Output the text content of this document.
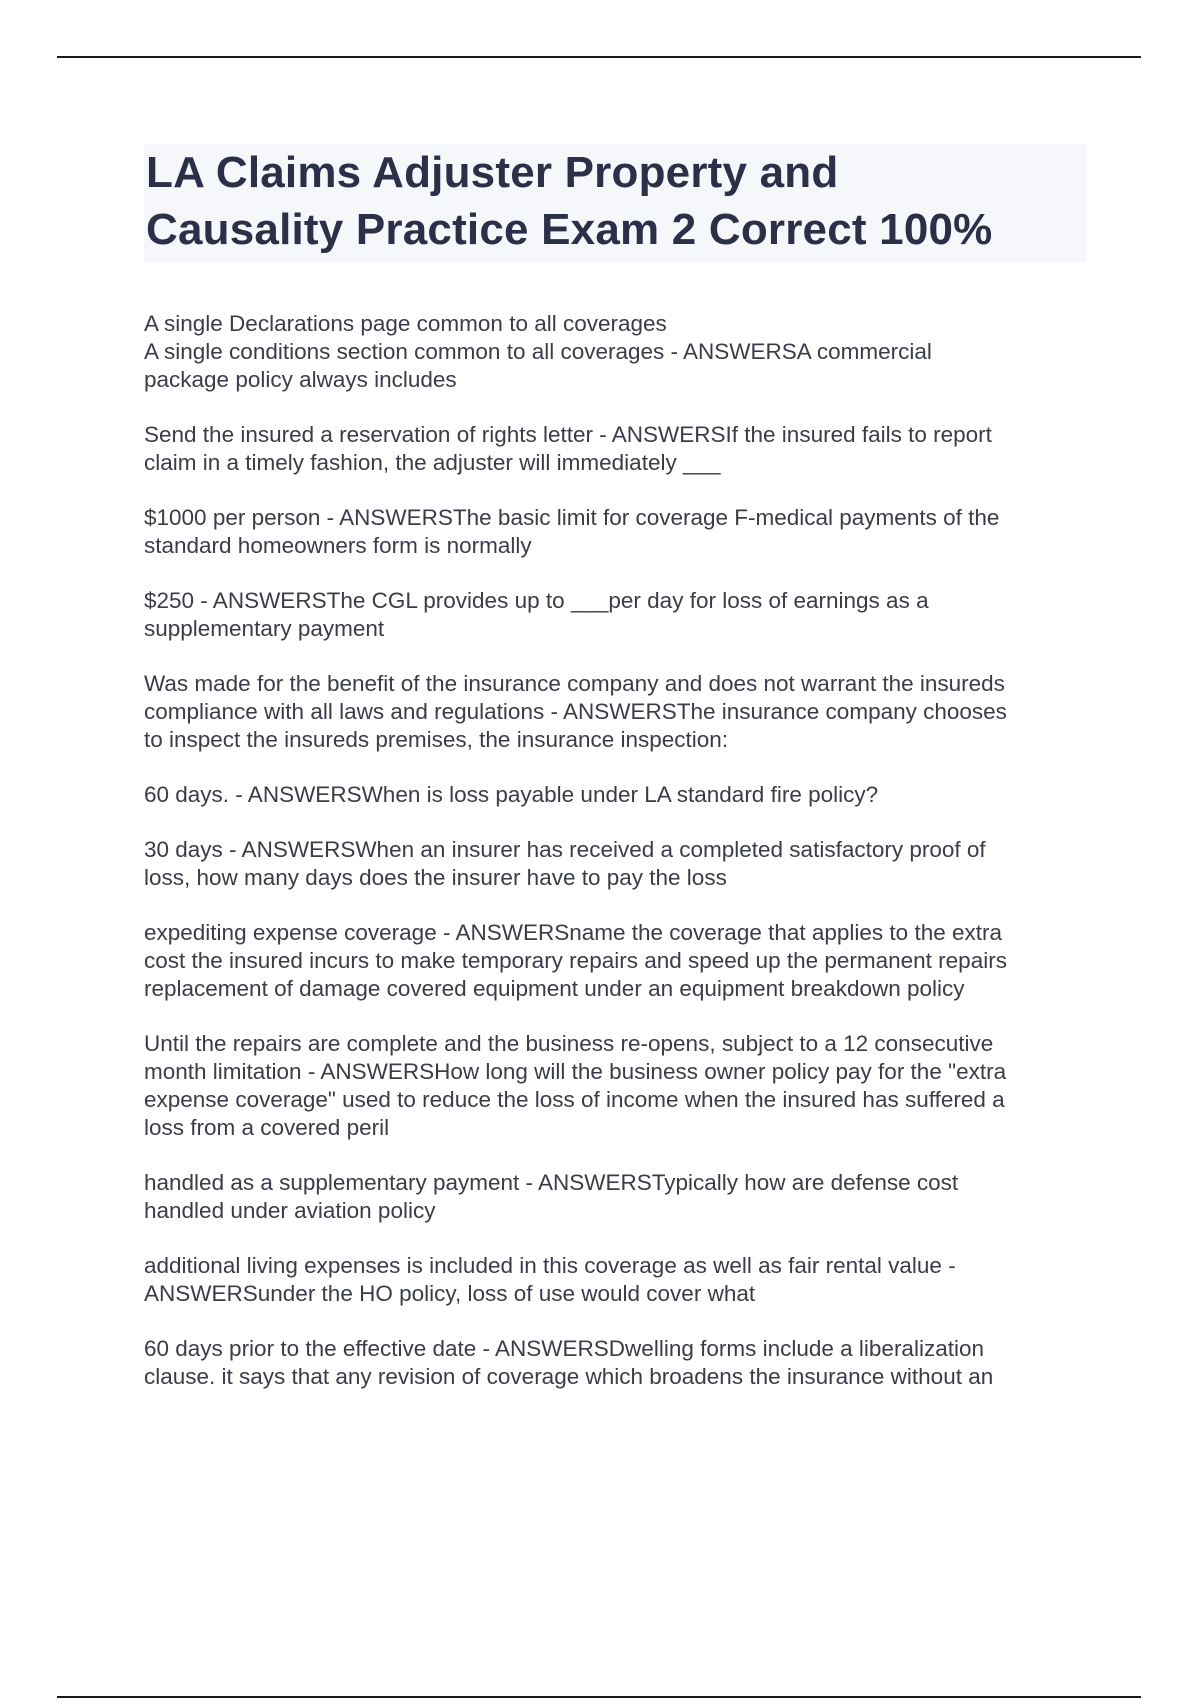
LA Claims Adjuster Property and
Causality Practice Exam 2 Correct 100%
A single Declarations page common to all coverages
A single conditions section common to all coverages - ANSWERSA commercial
package policy always includes
Send the insured a reservation of rights letter - ANSWERSIf the insured fails to report
claim in a timely fashion, the adjuster will immediately ___
$1000 per person - ANSWERSThe basic limit for coverage F-medical payments of the
standard homeowners form is normally
$250 - ANSWERSThe CGL provides up to ___per day for loss of earnings as a
supplementary payment
Was made for the benefit of the insurance company and does not warrant the insureds
compliance with all laws and regulations - ANSWERSThe insurance company chooses
to inspect the insureds premises, the insurance inspection:
60 days. - ANSWERSWhen is loss payable under LA standard fire policy?
30 days - ANSWERSWhen an insurer has received a completed satisfactory proof of
loss, how many days does the insurer have to pay the loss
expediting expense coverage - ANSWERSname the coverage that applies to the extra
cost the insured incurs to make temporary repairs and speed up the permanent repairs
replacement of damage covered equipment under an equipment breakdown policy
Until the repairs are complete and the business re-opens, subject to a 12 consecutive
month limitation - ANSWERSHow long will the business owner policy pay for the "extra
expense coverage" used to reduce the loss of income when the insured has suffered a
loss from a covered peril
handled as a supplementary payment - ANSWERSTypically how are defense cost
handled under aviation policy
additional living expenses is included in this coverage as well as fair rental value -
ANSWERSunder the HO policy, loss of use would cover what
60 days prior to the effective date - ANSWERSDwelling forms include a liberalization
clause. it says that any revision of coverage which broadens the insurance without an
